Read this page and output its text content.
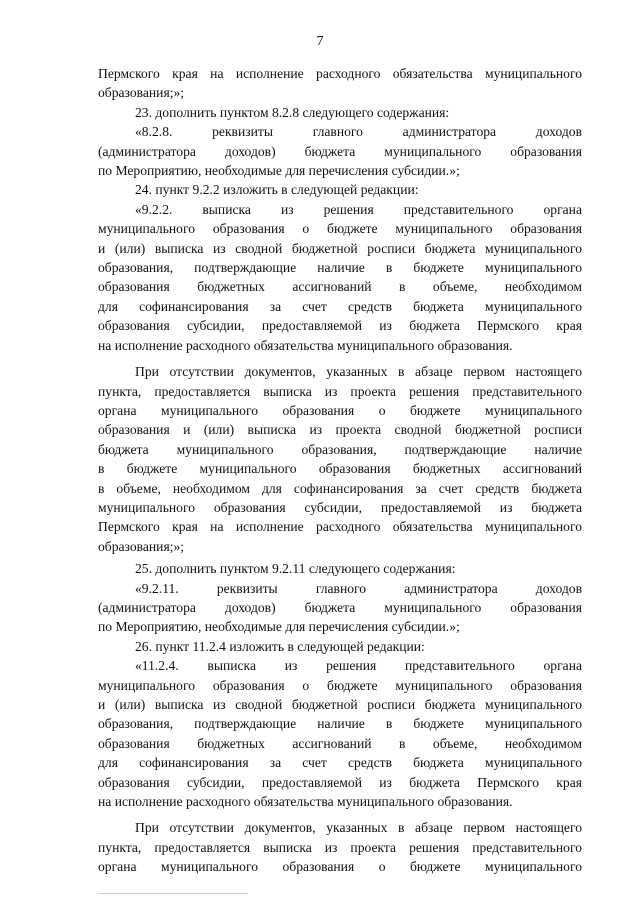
7

Пермского края на исполнение расходного обязательства муниципального

образования;»;

23. дополнить пунктом 8.2.8 следующего содержания:

«8.2.8. реквизиты главного администратора доходов

(администратора доходов) бюджета муниципального образования

по Мероприятию, необходимые для перечисления субсидии.»;

24. пункт 9.2.2 изложить в следующей редакции:

«9.2.2. выписка из решения представительного органа

муниципального образования о бюджете муниципального образования

и (или) выписка из сводной бюджетной росписи бюджета муниципального

образования, подтверждающие наличие в бюджете муниципального

образования бюджетных ассигнований в объеме, необходимом

для софинансирования за счет средств бюджета муниципального

образования субсидии, предоставляемой из бюджета Пермского края

на исполнение расходного обязательства муниципального образования.

При отсутствии документов, указанных в абзаце первом настоящего

пункта, предоставляется выписка из проекта решения представительного

органа муниципального образования о бюджете муниципального

образования и (или) выписка из проекта сводной бюджетной росписи

бюджета муниципального образования, подтверждающие наличие

в бюджете муниципального образования бюджетных ассигнований

в объеме, необходимом для софинансирования за счет средств бюджета

муниципального образования субсидии, предоставляемой из бюджета

Пермского края на исполнение расходного обязательства муниципального

образования;»;

25. дополнить пунктом 9.2.11 следующего содержания:

«9.2.11. реквизиты главного администратора доходов

(администратора доходов) бюджета муниципального образования

по Мероприятию, необходимые для перечисления субсидии.»;

26. пункт 11.2.4 изложить в следующей редакции:

«11.2.4. выписка из решения представительного органа

муниципального образования о бюджете муниципального образования

и (или) выписка из сводной бюджетной росписи бюджета муниципального

образования, подтверждающие наличие в бюджете муниципального

образования бюджетных ассигнований в объеме, необходимом

для софинансирования за счет средств бюджета муниципального

образования субсидии, предоставляемой из бюджета Пермского края

на исполнение расходного обязательства муниципального образования.

При отсутствии документов, указанных в абзаце первом настоящего

пункта, предоставляется выписка из проекта решения представительного

органа муниципального образования о бюджете муниципального
